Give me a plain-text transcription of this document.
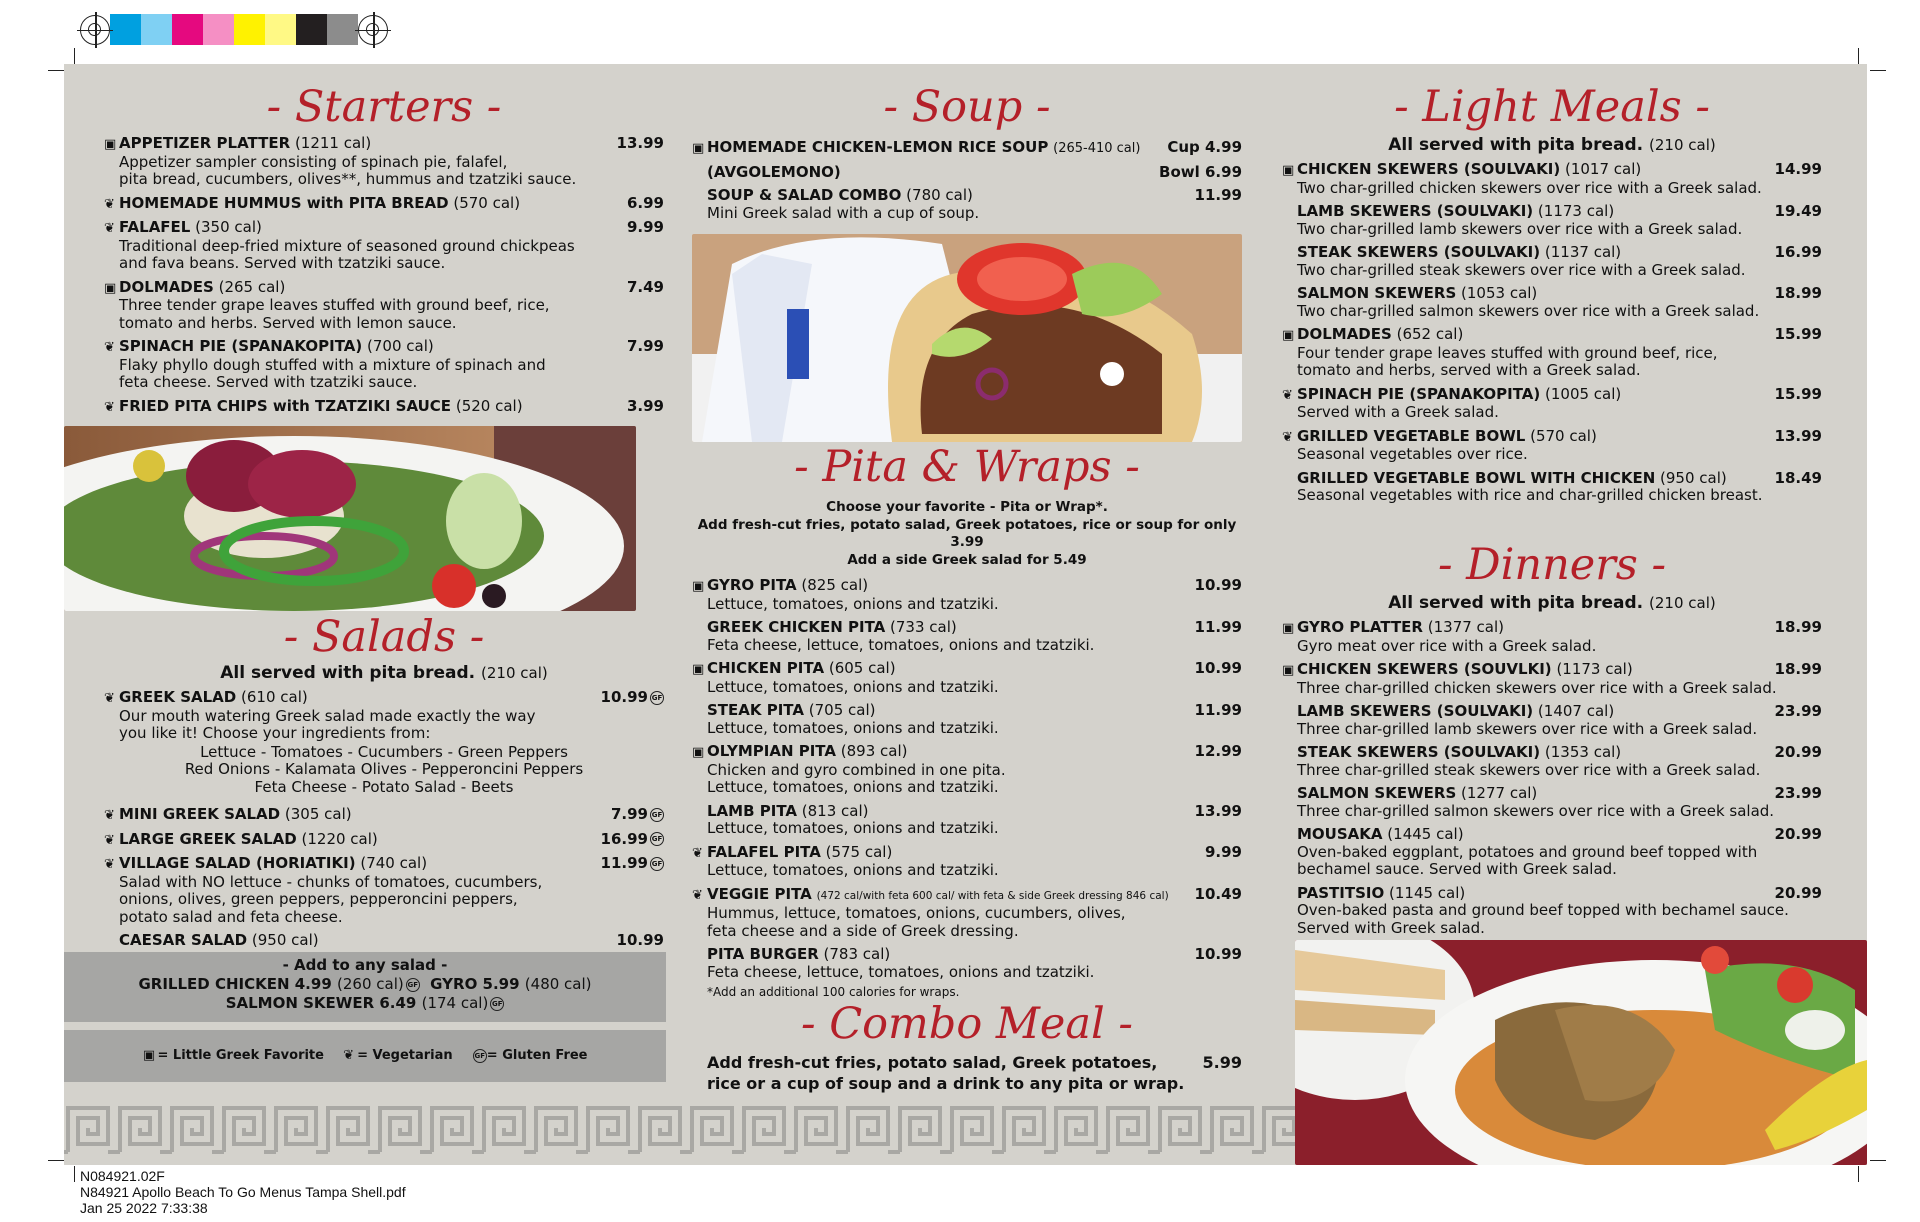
- Starters -
▣ APPETIZER PLATTER (1211 cal)	13.99
Appetizer sampler consisting of spinach pie, falafel,
pita bread, cucumbers, olives**, hummus and tzatziki sauce.
❦ HOMEMADE HUMMUS with PITA BREAD (570 cal)	6.99
❦ FALAFEL (350 cal)	9.99
Traditional deep-fried mixture of seasoned ground chickpeas
and fava beans. Served with tzatziki sauce.
▣ DOLMADES (265 cal)	7.49
Three tender grape leaves stuffed with ground beef, rice,
tomato and herbs. Served with lemon sauce.
❦ SPINACH PIE (SPANAKOPITA) (700 cal)	7.99
Flaky phyllo dough stuffed with a mixture of spinach and
feta cheese. Served with tzatziki sauce.
❦ FRIED PITA CHIPS with TZATZIKI SAUCE (520 cal)	3.99
- Salads -
All served with pita bread. (210 cal)
❦ GREEK SALAD (610 cal)	10.99 GF
Our mouth watering Greek salad made exactly the way
you like it! Choose your ingredients from:
Lettuce - Tomatoes - Cucumbers - Green Peppers
Red Onions - Kalamata Olives - Pepperoncini Peppers
Feta Cheese - Potato Salad - Beets
❦ MINI GREEK SALAD (305 cal)	7.99 GF
❦ LARGE GREEK SALAD (1220 cal)	16.99 GF
❦ VILLAGE SALAD (HORIATIKI) (740 cal)	11.99 GF
Salad with NO lettuce - chunks of tomatoes, cucumbers,
onions, olives, green peppers, pepperoncini peppers,
potato salad and feta cheese.
CAESAR SALAD (950 cal)	10.99
- Add to any salad -
GRILLED CHICKEN 4.99 (260 cal) GF GYRO 5.99 (480 cal)
SALMON SKEWER 6.49 (174 cal) GF
▣ = Little Greek Favorite ❦ = Vegetarian	GF = Gluten Free
- Soup -
▣ HOMEMADE CHICKEN-LEMON RICE SOUP (265-410 cal) Cup 4.99
(AVGOLEMONO)	Bowl 6.99
SOUP & SALAD COMBO (780 cal)	11.99
Mini Greek salad with a cup of soup.
- Pita & Wraps -
Choose your favorite - Pita or Wrap*.
Add fresh-cut fries, potato salad, Greek potatoes, rice or soup for only 3.99
Add a side Greek salad for 5.49
▣ GYRO PITA (825 cal)	10.99
Lettuce, tomatoes, onions and tzatziki.
GREEK CHICKEN PITA (733 cal)	11.99
Feta cheese, lettuce, tomatoes, onions and tzatziki.
▣ CHICKEN PITA (605 cal)	10.99
Lettuce, tomatoes, onions and tzatziki.
STEAK PITA (705 cal)	11.99
Lettuce, tomatoes, onions and tzatziki.
▣ OLYMPIAN PITA (893 cal)	12.99
Chicken and gyro combined in one pita.
Lettuce, tomatoes, onions and tzatziki.
LAMB PITA (813 cal)	13.99
Lettuce, tomatoes, onions and tzatziki.
❦ FALAFEL PITA (575 cal)	9.99
Lettuce, tomatoes, onions and tzatziki.
❦ VEGGIE PITA (472 cal/with feta 600 cal/ with feta & side Greek dressing 846 cal) 10.49
Hummus, lettuce, tomatoes, onions, cucumbers, olives,
feta cheese and a side of Greek dressing.
PITA BURGER (783 cal)	10.99
Feta cheese, lettuce, tomatoes, onions and tzatziki.
*Add an additional 100 calories for wraps.
- Combo Meal -
Add fresh-cut fries, potato salad, Greek potatoes,
rice or a cup of soup and a drink to any pita or wrap.
5.99
- Light Meals -
All served with pita bread. (210 cal)
▣ CHICKEN SKEWERS (SOULVAKI) (1017 cal)	14.99
Two char-grilled chicken skewers over rice with a Greek salad.
LAMB SKEWERS (SOULVAKI) (1173 cal)	19.49
Two char-grilled lamb skewers over rice with a Greek salad.
STEAK SKEWERS (SOULVAKI) (1137 cal)	16.99
Two char-grilled steak skewers over rice with a Greek salad.
SALMON SKEWERS (1053 cal)	18.99
Two char-grilled salmon skewers over rice with a Greek salad.
▣ DOLMADES (652 cal)	15.99
Four tender grape leaves stuffed with ground beef, rice,
tomato and herbs, served with a Greek salad.
❦ SPINACH PIE (SPANAKOPITA) (1005 cal)	15.99
Served with a Greek salad.
❦ GRILLED VEGETABLE BOWL (570 cal)	13.99
Seasonal vegetables over rice.
GRILLED VEGETABLE BOWL WITH CHICKEN (950 cal)	18.49
Seasonal vegetables with rice and char-grilled chicken breast.
- Dinners -
All served with pita bread. (210 cal)
▣ GYRO PLATTER (1377 cal)	18.99
Gyro meat over rice with a Greek salad.
▣ CHICKEN SKEWERS (SOUVLKI) (1173 cal)	18.99
Three char-grilled chicken skewers over rice with a Greek salad.
LAMB SKEWERS (SOULVAKI) (1407 cal)	23.99
Three char-grilled lamb skewers over rice with a Greek salad.
STEAK SKEWERS (SOULVAKI) (1353 cal)	20.99
Three char-grilled steak skewers over rice with a Greek salad.
SALMON SKEWERS (1277 cal)	23.99
Three char-grilled salmon skewers over rice with a Greek salad.
MOUSAKA (1445 cal)	20.99
Oven-baked eggplant, potatoes and ground beef topped with
bechamel sauce. Served with Greek salad.
PASTITSIO (1145 cal)	20.99
Oven-baked pasta and ground beef topped with bechamel sauce.
Served with Greek salad.
N084921.02F
N84921 Apollo Beach To Go Menus Tampa Shell.pdf
Jan 25 2022 7:33:38
